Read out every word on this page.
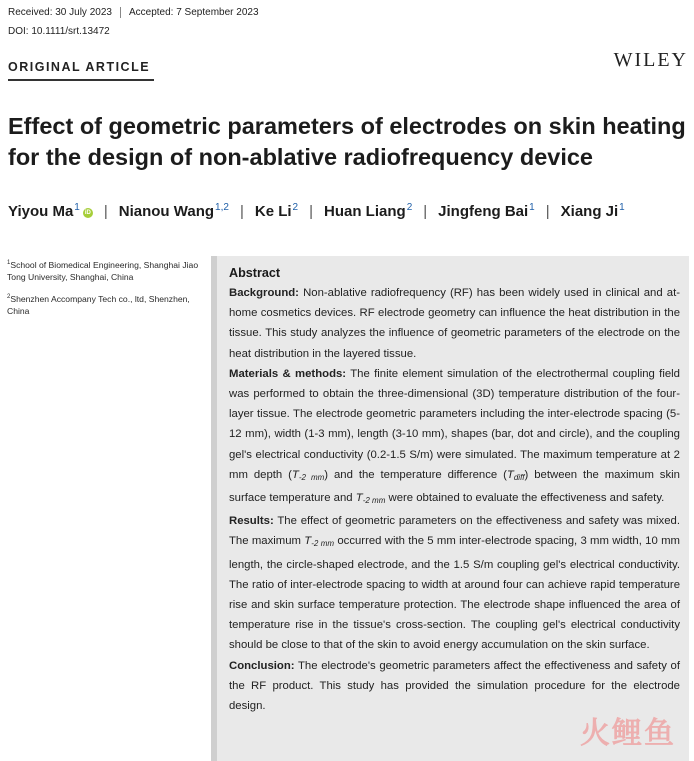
Received: 30 July 2023 Accepted: 7 September 2023
DOI: 10.1111/srt.13472
ORIGINAL ARTICLE	WILEY
Effect of geometric parameters of electrodes on skin heating for the design of non-ablative radiofrequency device
Yiyou Ma$^1$ iD | Nianou Wang$^{1,2}$ | Ke Li$^2$ | Huan Liang$^2$ | Jingfeng Bai$^1$ | Xiang Ji$^1$

$^1$School of Biomedical Engineering, Shanghai Jiao Tong University, Shanghai, China

$^2$Shenzhen Accompany Tech co., ltd, Shenzhen, China

Abstract

Background: Non-ablative radiofrequency (RF) has been widely used in clinical and at-home cosmetics devices. RF electrode geometry can influence the heat distribution in the tissue. This study analyzes the influence of geometric parameters of the electrode on the heat distribution in the layered tissue.

Materials & methods: The finite element simulation of the electrothermal coupling field was performed to obtain the three-dimensional (3D) temperature distribution of the four-layer tissue. The electrode geometric parameters including the inter-electrode spacing (5-12 mm), width (1-3 mm), length (3-10 mm), shapes (bar, dot and circle), and the coupling gel's electrical conductivity (0.2-1.5 S/m) were simulated. The maximum temperature at 2 mm depth (T-2 mm) and the temperature difference (Tdiff) between the maximum skin surface temperature and T-2 mm were obtained to evaluate the effectiveness and safety.

Results: The effect of geometric parameters on the effectiveness and safety was mixed. The maximum T-2 mm occurred with the 5 mm inter-electrode spacing, 3 mm width, 10 mm length, the circle-shaped electrode, and the 1.5 S/m coupling gel's electrical conductivity. The ratio of inter-electrode spacing to width at around four can achieve rapid temperature rise and skin surface temperature protection. The electrode shape influenced the area of temperature rise in the tissue's cross-section. The coupling gel's electrical conductivity should be close to that of the skin to avoid energy accumulation on the skin surface.

Conclusion: The electrode's geometric parameters affect the effectiveness and safety of the RF product. This study has provided the simulation procedure for the electrode design.

火鲤鱼
